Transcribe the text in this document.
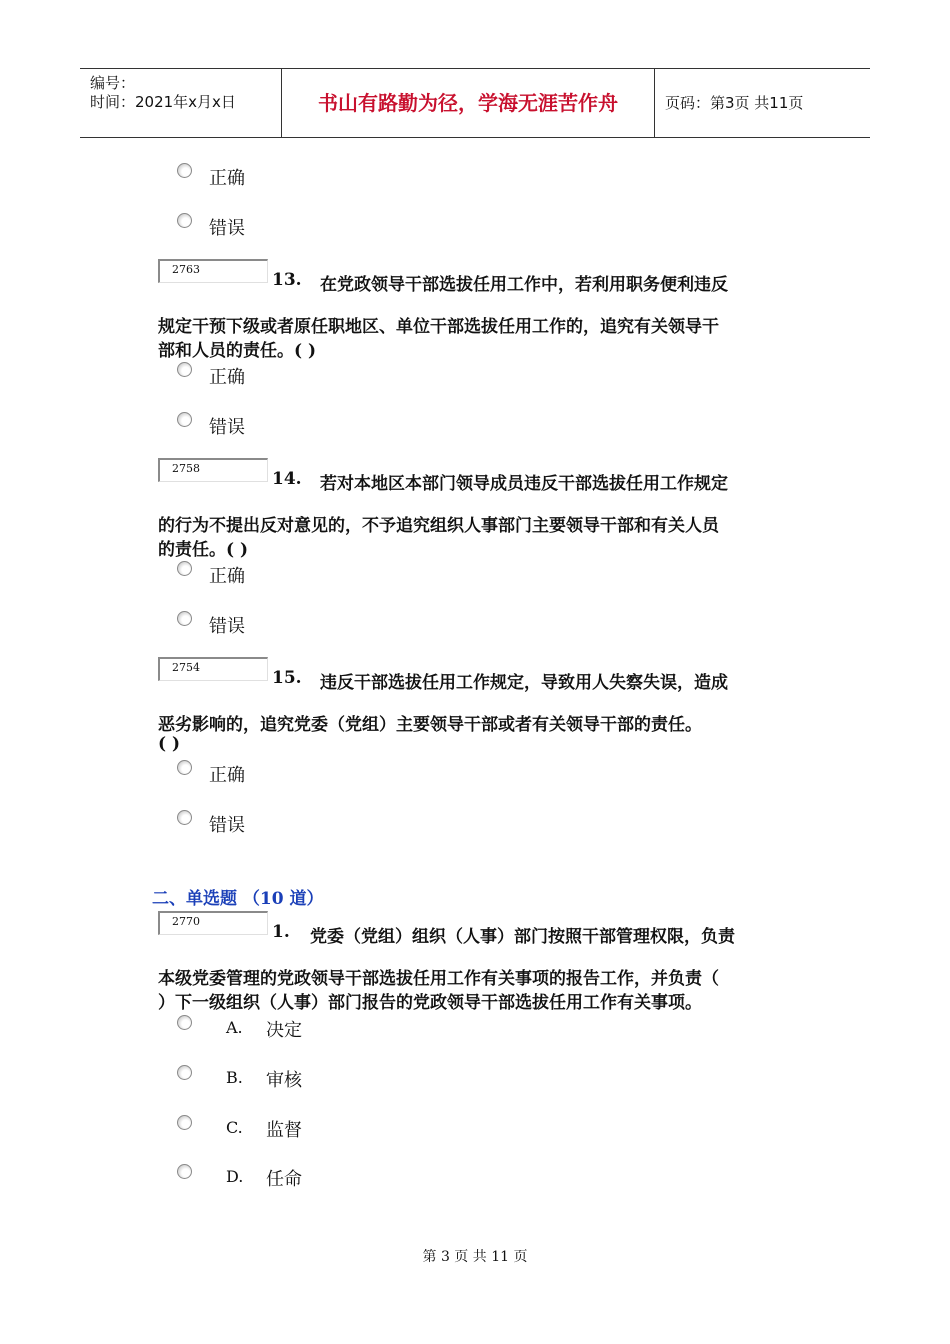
编号：
时间：2021年x月x日	书山有路勤为径，学海无涯苦作舟	页码：第3页 共11页
正确
错误
2763
13. 在党政领导干部选拔任用工作中，若利用职务便利违反
规定干预下级或者原任职地区、单位干部选拔任用工作的，追究有关领导干
部和人员的责任。( )
正确
错误
2758
14. 若对本地区本部门领导成员违反干部选拔任用工作规定
的行为不提出反对意见的，不予追究组织人事部门主要领导干部和有关人员
的责任。( )
正确
错误
2754
15. 违反干部选拔任用工作规定，导致用人失察失误，造成
恶劣影响的，追究党委（党组）主要领导干部或者有关领导干部的责任。
( )
正确
错误
二、单选题 （10 道）
2770
1. 党委（党组）组织（人事）部门按照干部管理权限，负责
本级党委管理的党政领导干部选拔任用工作有关事项的报告工作，并负责（
）下一级组织（人事）部门报告的党政领导干部选拔任用工作有关事项。
A. 决定
B. 审核
C. 监督
D. 任命
第 3 页 共 11 页
